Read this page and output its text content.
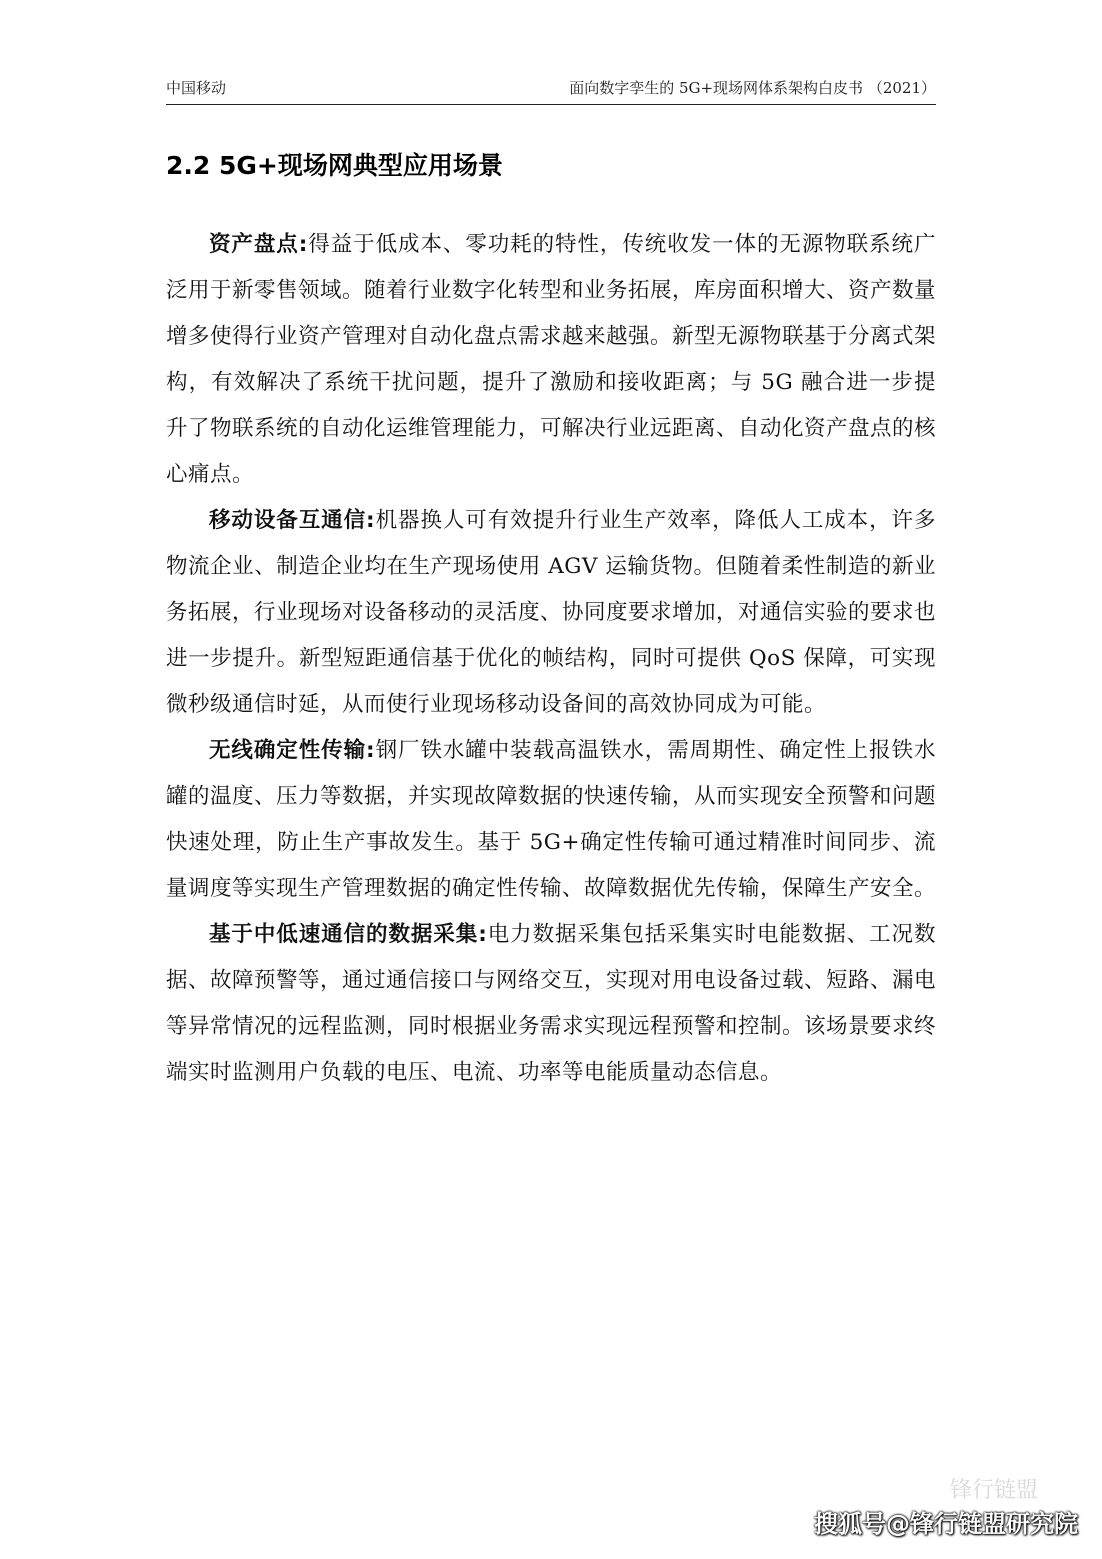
中国移动	面向数字孪生的 5G+现场网体系架构白皮书 （2021）
2.2 5G+现场网典型应用场景

资产盘点:得益于低成本、零功耗的特性，传统收发一体的无源物联系统广泛用于新零售领域。随着行业数字化转型和业务拓展，库房面积增大、资产数量增多使得行业资产管理对自动化盘点需求越来越强。新型无源物联基于分离式架构，有效解决了系统干扰问题，提升了激励和接收距离；与 5G 融合进一步提升了物联系统的自动化运维管理能力，可解决行业远距离、自动化资产盘点的核心痛点。

移动设备互通信:机器换人可有效提升行业生产效率，降低人工成本，许多物流企业、制造企业均在生产现场使用 AGV 运输货物。但随着柔性制造的新业务拓展，行业现场对设备移动的灵活度、协同度要求增加，对通信实验的要求也进一步提升。新型短距通信基于优化的帧结构，同时可提供 QoS 保障，可实现微秒级通信时延，从而使行业现场移动设备间的高效协同成为可能。

无线确定性传输:钢厂铁水罐中装载高温铁水，需周期性、确定性上报铁水罐的温度、压力等数据，并实现故障数据的快速传输，从而实现安全预警和问题快速处理，防止生产事故发生。基于 5G+确定性传输可通过精准时间同步、流量调度等实现生产管理数据的确定性传输、故障数据优先传输，保障生产安全。

基于中低速通信的数据采集:电力数据采集包括采集实时电能数据、工况数据、故障预警等，通过通信接口与网络交互，实现对用电设备过载、短路、漏电等异常情况的远程监测，同时根据业务需求实现远程预警和控制。该场景要求终端实时监测用户负载的电压、电流、功率等电能质量动态信息。

锋行链盟
搜狐号@锋行链盟研究院
